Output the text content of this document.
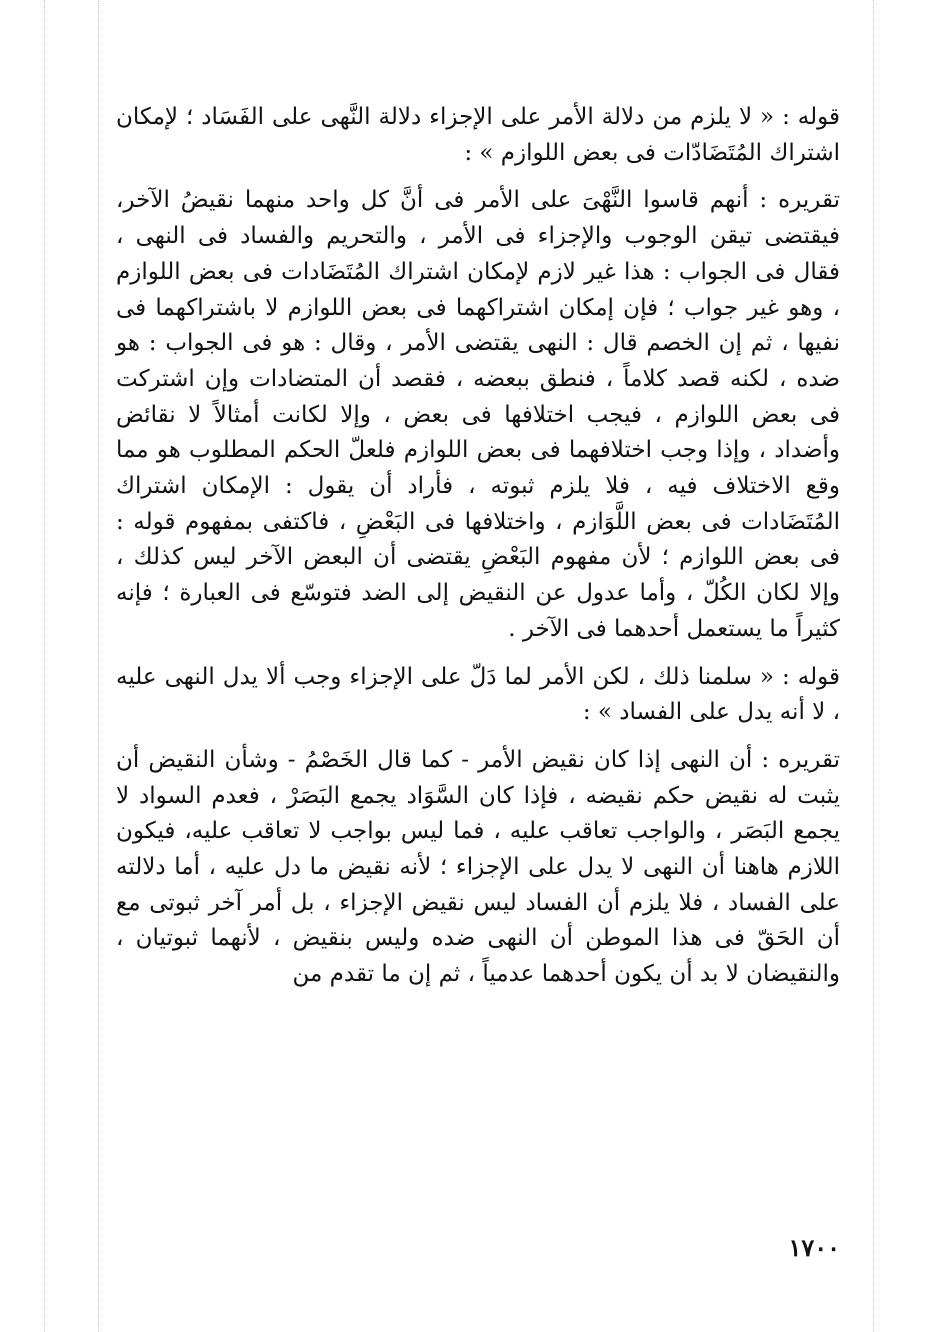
قوله : « لا يلزم من دلالة الأمر على الإجزاء دلالة النَّهى على الفَسَاد ؛ لإمكان اشتراك المُتَضَادّات فى بعض اللوازم » :

تقريره : أنهم قاسوا النَّهْىَ على الأمر فى أنَّ كل واحد منهما نقيضُ الآخر، فيقتضى تيقن الوجوب والإجزاء فى الأمر ، والتحريم والفساد فى النهى ، فقال فى الجواب : هذا غير لازم لإمكان اشتراك المُتَضَادات فى بعض اللوازم ، وهو غير جواب ؛ فإن إمكان اشتراكهما فى بعض اللوازم لا باشتراكهما فى نفيها ، ثم إن الخصم قال : النهى يقتضى الأمر ، وقال : هو فى الجواب : هو ضده ، لكنه قصد كلاماً ، فنطق ببعضه ، فقصد أن المتضادات وإن اشتركت فى بعض اللوازم ، فيجب اختلافها فى بعض ، وإلا لكانت أمثالاً لا نقائض وأضداد ، وإذا وجب اختلافهما فى بعض اللوازم فلعلّ الحكم المطلوب هو مما وقع الاختلاف فيه ، فلا يلزم ثبوته ، فأراد أن يقول : الإمكان اشتراك المُتَضَادات فى بعض اللَّوَازم ، واختلافها فى البَعْضِ ، فاكتفى بمفهوم قوله : فى بعض اللوازم ؛ لأن مفهوم البَعْضِ يقتضى أن البعض الآخر ليس كذلك ، وإلا لكان الكُلّ ، وأما عدول عن النقيض إلى الضد فتوسّع فى العبارة ؛ فإنه كثيراً ما يستعمل أحدهما فى الآخر .

قوله : « سلمنا ذلك ، لكن الأمر لما دَلّ على الإجزاء وجب ألا يدل النهى عليه ، لا أنه يدل على الفساد » :

تقريره : أن النهى إذا كان نقيض الأمر - كما قال الخَصْمُ - وشأن النقيض أن يثبت له نقيض حكم نقيضه ، فإذا كان السَّوَاد يجمع البَصَرْ ، فعدم السواد لا يجمع البَصَر ، والواجب تعاقب عليه ، فما ليس بواجب لا تعاقب عليه، فيكون اللازم هاهنا أن النهى لا يدل على الإجزاء ؛ لأنه نقيض ما دل عليه ، أما دلالته على الفساد ، فلا يلزم أن الفساد ليس نقيض الإجزاء ، بل أمر آخر ثبوتى مع أن الحَقّ فى هذا الموطن أن النهى ضده وليس بنقيض ، لأنهما ثبوتيان ، والنقيضان لا بد أن يكون أحدهما عدمياً ، ثم إن ما تقدم من

١٧٠٠
